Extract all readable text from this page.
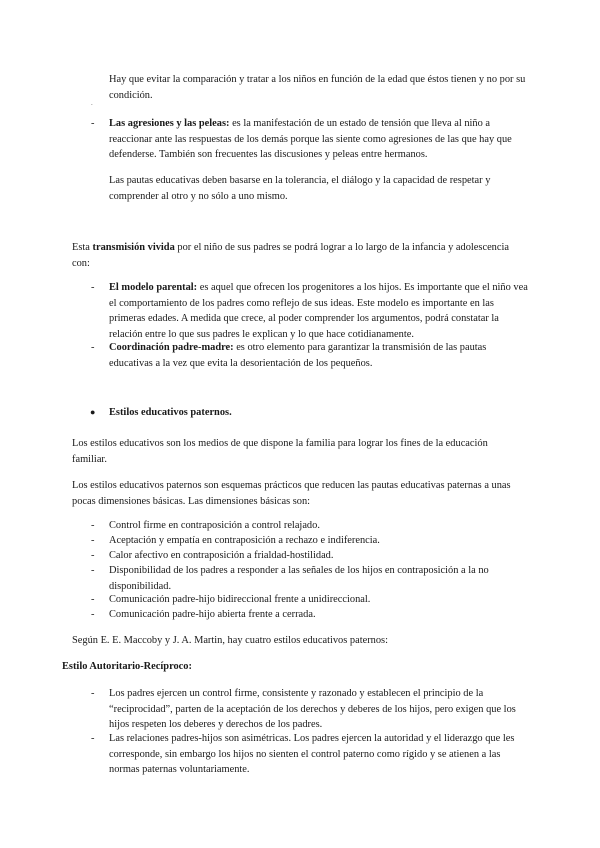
Hay que evitar la comparación y tratar a los niños en función de la edad que éstos tienen y no por su condición.

.
- Las agresiones y las peleas: es la manifestación de un estado de tensión que lleva al niño a reaccionar ante las respuestas de los demás porque las siente como agresiones de las que hay que defenderse. También son frecuentes las discusiones y peleas entre hermanos.

Las pautas educativas deben basarse en la tolerancia, el diálogo y la capacidad de respetar y comprender al otro y no sólo a uno mismo.

Esta transmisión vivida por el niño de sus padres se podrá lograr a lo largo de la infancia y adolescencia con:

- El modelo parental: es aquel que ofrecen los progenitores a los hijos. Es importante que el niño vea el comportamiento de los padres como reflejo de sus ideas. Este modelo es importante en las primeras edades. A medida que crece, al poder comprender los argumentos, podrá constatar la relación entre lo que sus padres le explican y lo que hace cotidianamente.
- Coordinación padre-madre: es otro elemento para garantizar la transmisión de las pautas educativas a la vez que evita la desorientación de los pequeños.
● Estilos educativos paternos.

Los estilos educativos son los medios de que dispone la familia para lograr los fines de la educación familiar.

Los estilos educativos paternos son esquemas prácticos que reducen las pautas educativas paternas a unas pocas dimensiones básicas. Las dimensiones básicas son:

- Control firme en contraposición a control relajado.
- Aceptación y empatía en contraposición a rechazo e indiferencia.
- Calor afectivo en contraposición a frialdad-hostilidad.
- Disponibilidad de los padres a responder a las señales de los hijos en contraposición a la no disponibilidad.
- Comunicación padre-hijo bidireccional frente a unidireccional.
- Comunicación padre-hijo abierta frente a cerrada.

Según E. E. Maccoby y J. A. Martin, hay cuatro estilos educativos paternos:

Estilo Autoritario-Recíproco:

- Los padres ejercen un control firme, consistente y razonado y establecen el principio de la “reciprocidad”, parten de la aceptación de los derechos y deberes de los hijos, pero exigen que los hijos respeten los deberes y derechos de los padres.
- Las relaciones padres-hijos son asimétricas. Los padres ejercen la autoridad y el liderazgo que les corresponde, sin embargo los hijos no sienten el control paterno como rígido y se atienen a las normas paternas voluntariamente.
